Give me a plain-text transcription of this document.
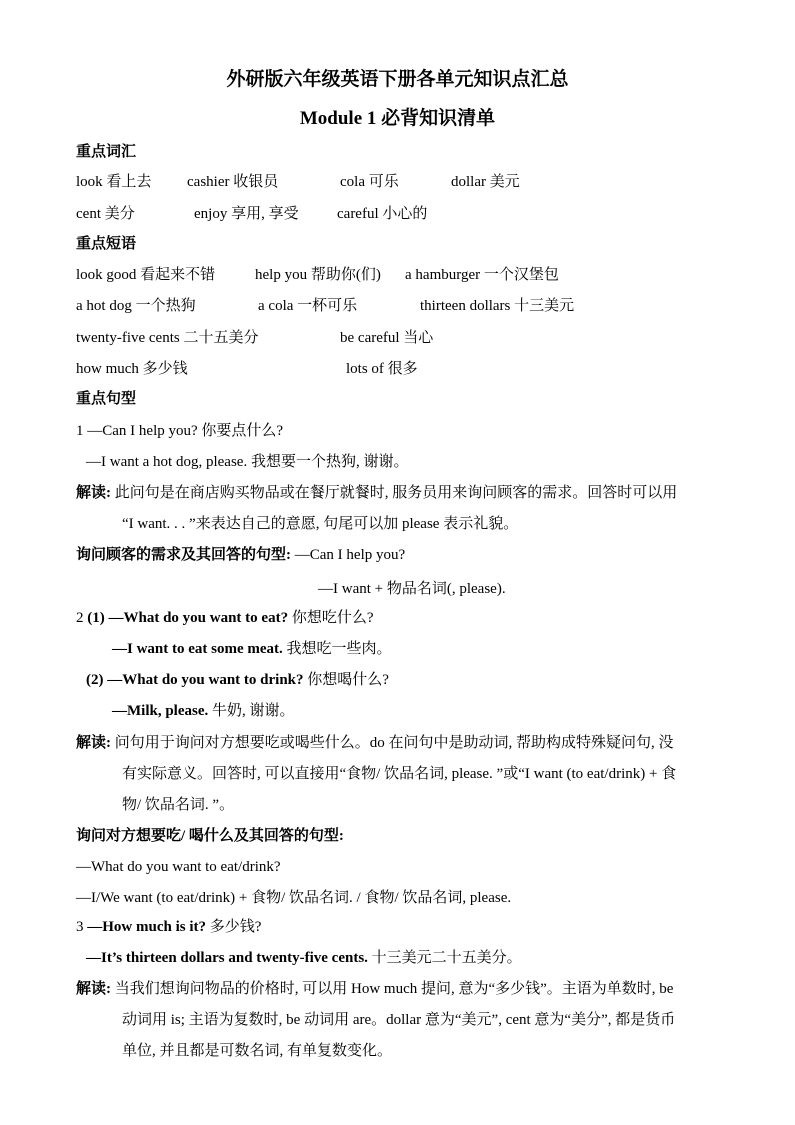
外研版六年级英语下册各单元知识点汇总
Module 1 必背知识清单
重点词汇
look 看上去 cashier 收银员	cola 可乐	dollar 美元
cent 美分	enjoy 享用, 享受	careful 小心的
重点短语
look good 看起来不错	help you 帮助你(们) a hamburger 一个汉堡包
a hot dog 一个热狗	a cola 一杯可乐	thirteen dollars 十三美元
twenty-five cents 二十五美分	be careful 当心
how much 多少钱	lots of 很多
重点句型
1 —Can I help you? 你要点什么?
—I want a hot dog, please. 我想要一个热狗, 谢谢。
解读: 此问句是在商店购买物品或在餐厅就餐时, 服务员用来询问顾客的需求。回答时可以用
“I want. . . ”来表达自己的意愿, 句尾可以加 please 表示礼貌。
询问顾客的需求及其回答的句型: —Can I help you?
—I want + 物品名词(, please).
2 (1) —What do you want to eat? 你想吃什么?
—I want to eat some meat. 我想吃一些肉。
(2) —What do you want to drink? 你想喝什么?
—Milk, please. 牛奶, 谢谢。
解读: 问句用于询问对方想要吃或喝些什么。do 在问句中是助动词, 帮助构成特殊疑问句, 没
有实际意义。回答时, 可以直接用“食物/ 饮品名词, please. ”或“I want (to eat/drink) + 食
物/ 饮品名词. ”。
询问对方想要吃/ 喝什么及其回答的句型:
—What do you want to eat/drink?
—I/We want (to eat/drink) + 食物/ 饮品名词. / 食物/ 饮品名词, please.
3 —How much is it? 多少钱?
—It’s thirteen dollars and twenty-five cents. 十三美元二十五美分。
解读: 当我们想询问物品的价格时, 可以用 How much 提问, 意为“多少钱”。主语为单数时, be
动词用 is; 主语为复数时, be 动词用 are。dollar 意为“美元”, cent 意为“美分”, 都是货币
单位, 并且都是可数名词, 有单复数变化。
